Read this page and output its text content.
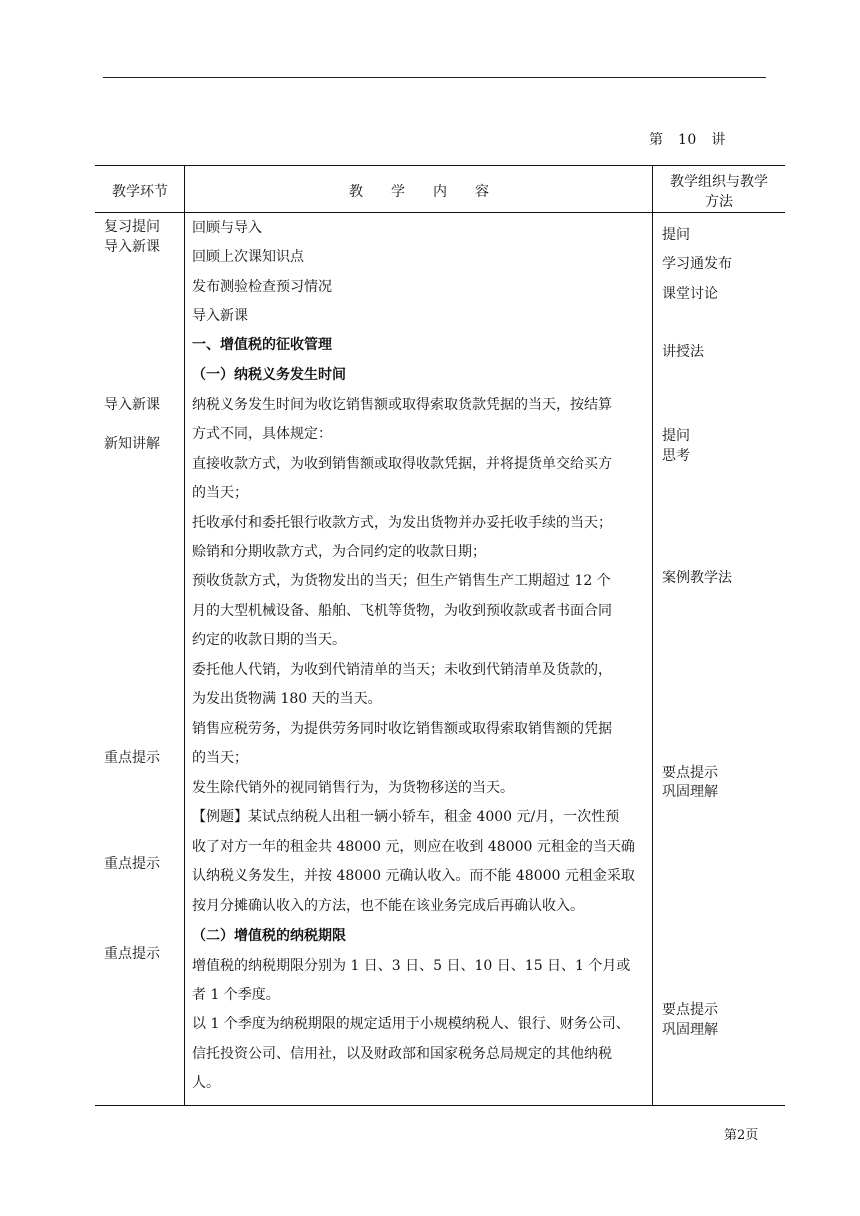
第　10　讲
教学环节	教　　学　　内　　容
教学组织与教学
方法
复习提问
导入新课
导入新课
新知讲解
重点提示
重点提示
重点提示
提问
学习通发布
课堂讨论
讲授法
提问
思考
案例教学法
要点提示
巩固理解
要点提示
巩固理解
回顾与导入
回顾上次课知识点
发布测验检查预习情况
导入新课
一、增值税的征收管理
（一）纳税义务发生时间
纳税义务发生时间为收讫销售额或取得索取货款凭据的当天，按结算
方式不同，具体规定：
直接收款方式，为收到销售额或取得收款凭据，并将提货单交给买方
的当天；
托收承付和委托银行收款方式，为发出货物并办妥托收手续的当天；
赊销和分期收款方式，为合同约定的收款日期；
预收货款方式，为货物发出的当天；但生产销售生产工期超过 12 个
月的大型机械设备、船舶、飞机等货物，为收到预收款或者书面合同
约定的收款日期的当天。
委托他人代销，为收到代销清单的当天；未收到代销清单及货款的，
为发出货物满 180 天的当天。
销售应税劳务，为提供劳务同时收讫销售额或取得索取销售额的凭据
的当天；
发生除代销外的视同销售行为，为货物移送的当天。
【例题】某试点纳税人出租一辆小轿车，租金 4000 元/月，一次性预
收了对方一年的租金共 48000 元，则应在收到 48000 元租金的当天确
认纳税义务发生，并按 48000 元确认收入。而不能 48000 元租金采取
按月分摊确认收入的方法，也不能在该业务完成后再确认收入。
（二）增值税的纳税期限
增值税的纳税期限分别为 1 日、3 日、5 日、10 日、15 日、1 个月或
者 1 个季度。
以 1 个季度为纳税期限的规定适用于小规模纳税人、银行、财务公司、
信托投资公司、信用社，以及财政部和国家税务总局规定的其他纳税
人。
第2页
